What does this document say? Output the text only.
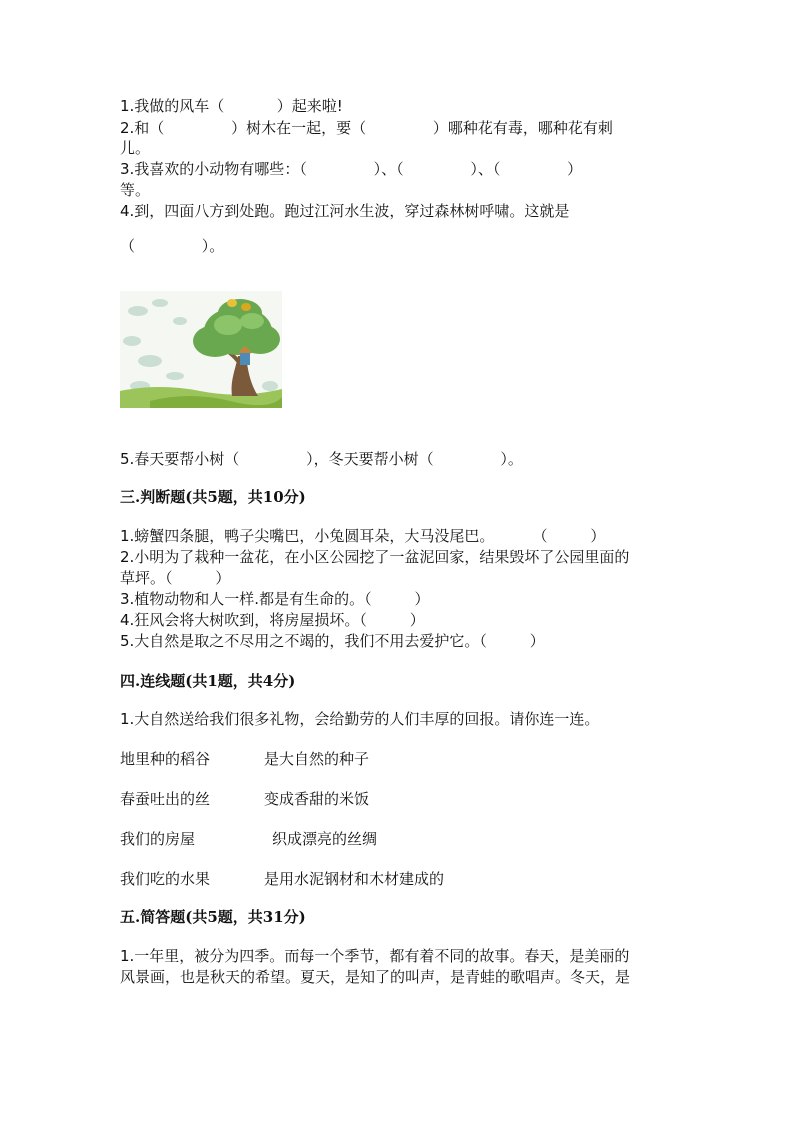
1.我做的风车（           ）起来啦!
2.和（              ）树木在一起，要（              ）哪种花有毒，哪种花有刺
儿。
3.我喜欢的小动物有哪些：（              ）、（              ）、（              ）
等。
4.到，四面八方到处跑。跑过江河水生波，穿过森林树呼啸。这就是
（              ）。
5.春天要帮小树（              ），冬天要帮小树（              ）。
三.判断题(共5题，共10分)
1.螃蟹四条腿，鸭子尖嘴巴，小兔圆耳朵，大马没尾巴。        （         ）
2.小明为了栽种一盆花，在小区公园挖了一盆泥回家，结果毁坏了公园里面的
草坪。（         ）
3.植物动物和人一样.都是有生命的。（         ）
4.狂风会将大树吹到，将房屋损坏。（         ）
5.大自然是取之不尽用之不竭的，我们不用去爱护它。（         ）
四.连线题(共1题，共4分)
1.大自然送给我们很多礼物，会给勤劳的人们丰厚的回报。请你连一连。
地里种的稻谷	是大自然的种子
春蚕吐出的丝	变成香甜的米饭
我们的房屋	织成漂亮的丝绸
我们吃的水果	是用水泥钢材和木材建成的
五.简答题(共5题，共31分)
1.一年里，被分为四季。而每一个季节，都有着不同的故事。春天，是美丽的
风景画，也是秋天的希望。夏天，是知了的叫声，是青蛙的歌唱声。冬天，是
